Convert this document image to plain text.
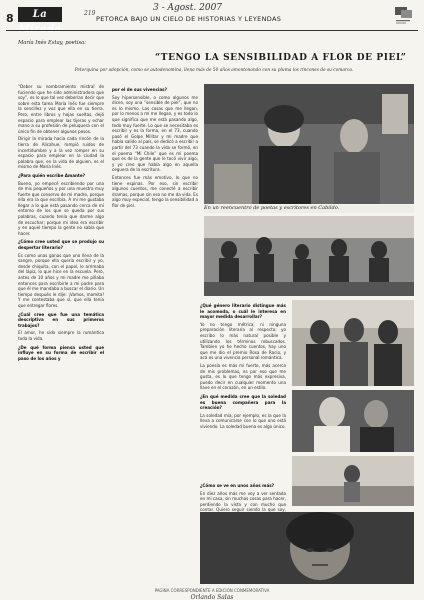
8	La	219
3 - Agost. 2007
PETORCA BAJO UN CIELO DE HISTORIAS Y LEYENDAS
María Inés Estay, poetisa:
“TENGO LA SENSIBILIDAD A FLOR DE PIEL”
Petorquina por adopción, como se autodenomina, llena más de 50 años amontonando con su pluma los rincones de su comarca.

“Deber su nombramiento mistral de fuciendo que he sido administradora que soy”, es lo que tal vez deberían decir que sobre esta tarea María Inés fue siempre la sencillez y voz que ella en su tierra. Pero, entre libros y hojas sueltas, dejó espacio para emplear las tijeras y echar mano a su profesión de peluquera con el único fin de obtener algunos pesos.

Dirigir la mirada hacia cada rincón de la tierra de Alicahue, rompió ruidos de incertidumbre y a la vez romper en su espacio para emplear en la ciudad la palabra que, en la vida de alguien, es el mismo de María Inés.

¿Para quién escribe Amante?

Bueno, yo empecé escribiendo por una de mis pequeños y por una muestra muy fuerte que conservo de mi madre, porque ella era la que escribía. A mí me gustaba llegar a lo que está pasando cerca de mi entorno de los que se queda por sus palabras, cuando tenía que darme algo de escuchar; porque mi idea era escribir y en aquel tiempo la gente no sabía que hacer.

¿Cómo cree usted que se produjo su despertar literario?

Es como unas ganas que uno lleva de la sangre, porque ella quería escribir y yo, desde chiquita, con el papel, le arrimaba del lápiz, lo que hice en la escuela. Pero, antes de 10 años y mi madre me pillaba entonces para escribirle a mi padre para que él me mandaba a buscar el diario. Un tiempo después le dije: ¡Vamos, mamita! Y me contestaba que sí, que ella tenía que entregar flores.

¿Cuál cree que fue una temática descriptiva en sus primeros trabajos?

El amor, he sido siempre la romántica toda la vida.

¿De qué forma piensa usted que influye en su forma de escribir el paso de los años y

por el de sus vivencias?

Soy hipersensible, o como algunos me dicen, soy una “sensible de piel”, que no es lo mismo. Las cosas que me llegan, por lo menos a mí me llegan, y es todo lo que significa que me está pasando algo, todo muy fuerte. Lo que se necesitaba es escribir y es la forma, en el 73, cuando pasó el Golpe Militar y mi madre que había salido al país, se dedicó a escribir a partir del 73 cuando la vida se formó, en el poema “Mi Chile” que es mi poema que es de la gente que le tocó vivir algo, y yo creo que había algo en aquella ceguera de la escritura.

Entonces fue más emotivo, lo que no tiene espinas. Por eso, sin escribir algunos cuentos, me conecté a escribir dramas, porque sin eso no me da vida. Es algo muy especial, tengo la sensibilidad a flor de piel.

¿Qué género literario distingue más le acomoda, o cuál le interesa en mayor medida desarrollar?

Yo no tengo métrica, ni ninguna preparación literaria al respecto; yo escribo lo más natural posible y utilizando los términos rebuscados. Tambien yo he hecho cuentos, hay uno que me dio el premio Rosa de Racio, y acá es una vivencia personal romántica.

La poesía es más mi fuerte, más acerca de mis problemas, es por eso que me gusta, es lo que tengo más expresiva, puedo decir en cualquier momento una llave en el corazón, en un estilo.

¿En qué medida cree que la soledad es buena compañera para la creación?

La soledad mía, por ejemplo, es la que la lleva a comunicarse con lo que uno está viviendo. La soledad buena es algo único.

¿Cómo se ve en unos años más?

En diez años más me voy a ver sentada en mi casa, sin muchas cosas para hacer, perdiendo la vista y con mucho que contar. Quiero seguir siendo la que soy,

En un reencuentro de poetas y escritores en Cabildo.
PAGINA CORRESPONDIENTE A EDICIÓN CONMEMORATIVA
Orlando Salas
